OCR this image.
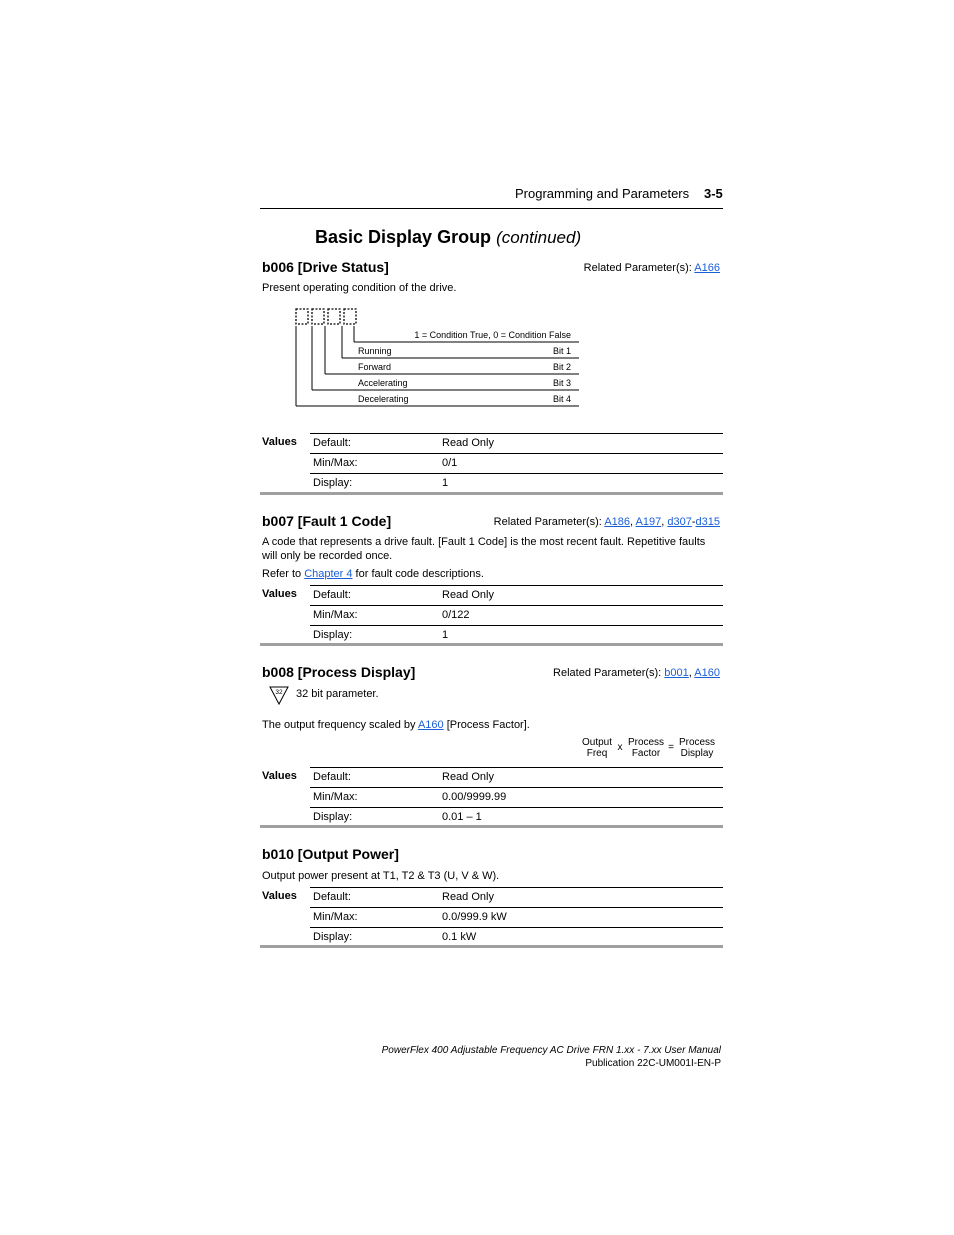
Programming and Parameters 3-5
Basic Display Group (continued)
b006 [Drive Status]	Related Parameter(s): A166
Present operating condition of the drive.
1 = Condition True, 0 = Condition False
Running	Bit 1
Forward	Bit 2
Accelerating	Bit 3
Decelerating	Bit 4
Values Default:	Read Only
Min/Max:	0/1
Display:	1
b007 [Fault 1 Code]	Related Parameter(s): A186, A197, d307-d315
A code that represents a drive fault. [Fault 1 Code] is the most recent fault. Repetitive faults will only be recorded once.
Refer to Chapter 4 for fault code descriptions.
Values Default:	Read Only
Min/Max:	0/122
Display:	1
b008 [Process Display]	Related Parameter(s): b001, A160
32 32 bit parameter.
The output frequency scaled by A160 [Process Factor].
Output
Freq
x Process
Factor
= Process
Display
Values Default:	Read Only
Min/Max:	0.00/9999.99
Display:	0.01 – 1
b010 [Output Power]
Output power present at T1, T2 & T3 (U, V & W).
Values Default:	Read Only
Min/Max:	0.0/999.9 kW
Display:	0.1 kW
PowerFlex 400 Adjustable Frequency AC Drive FRN 1.xx - 7.xx User Manual
Publication 22C-UM001I-EN-P
